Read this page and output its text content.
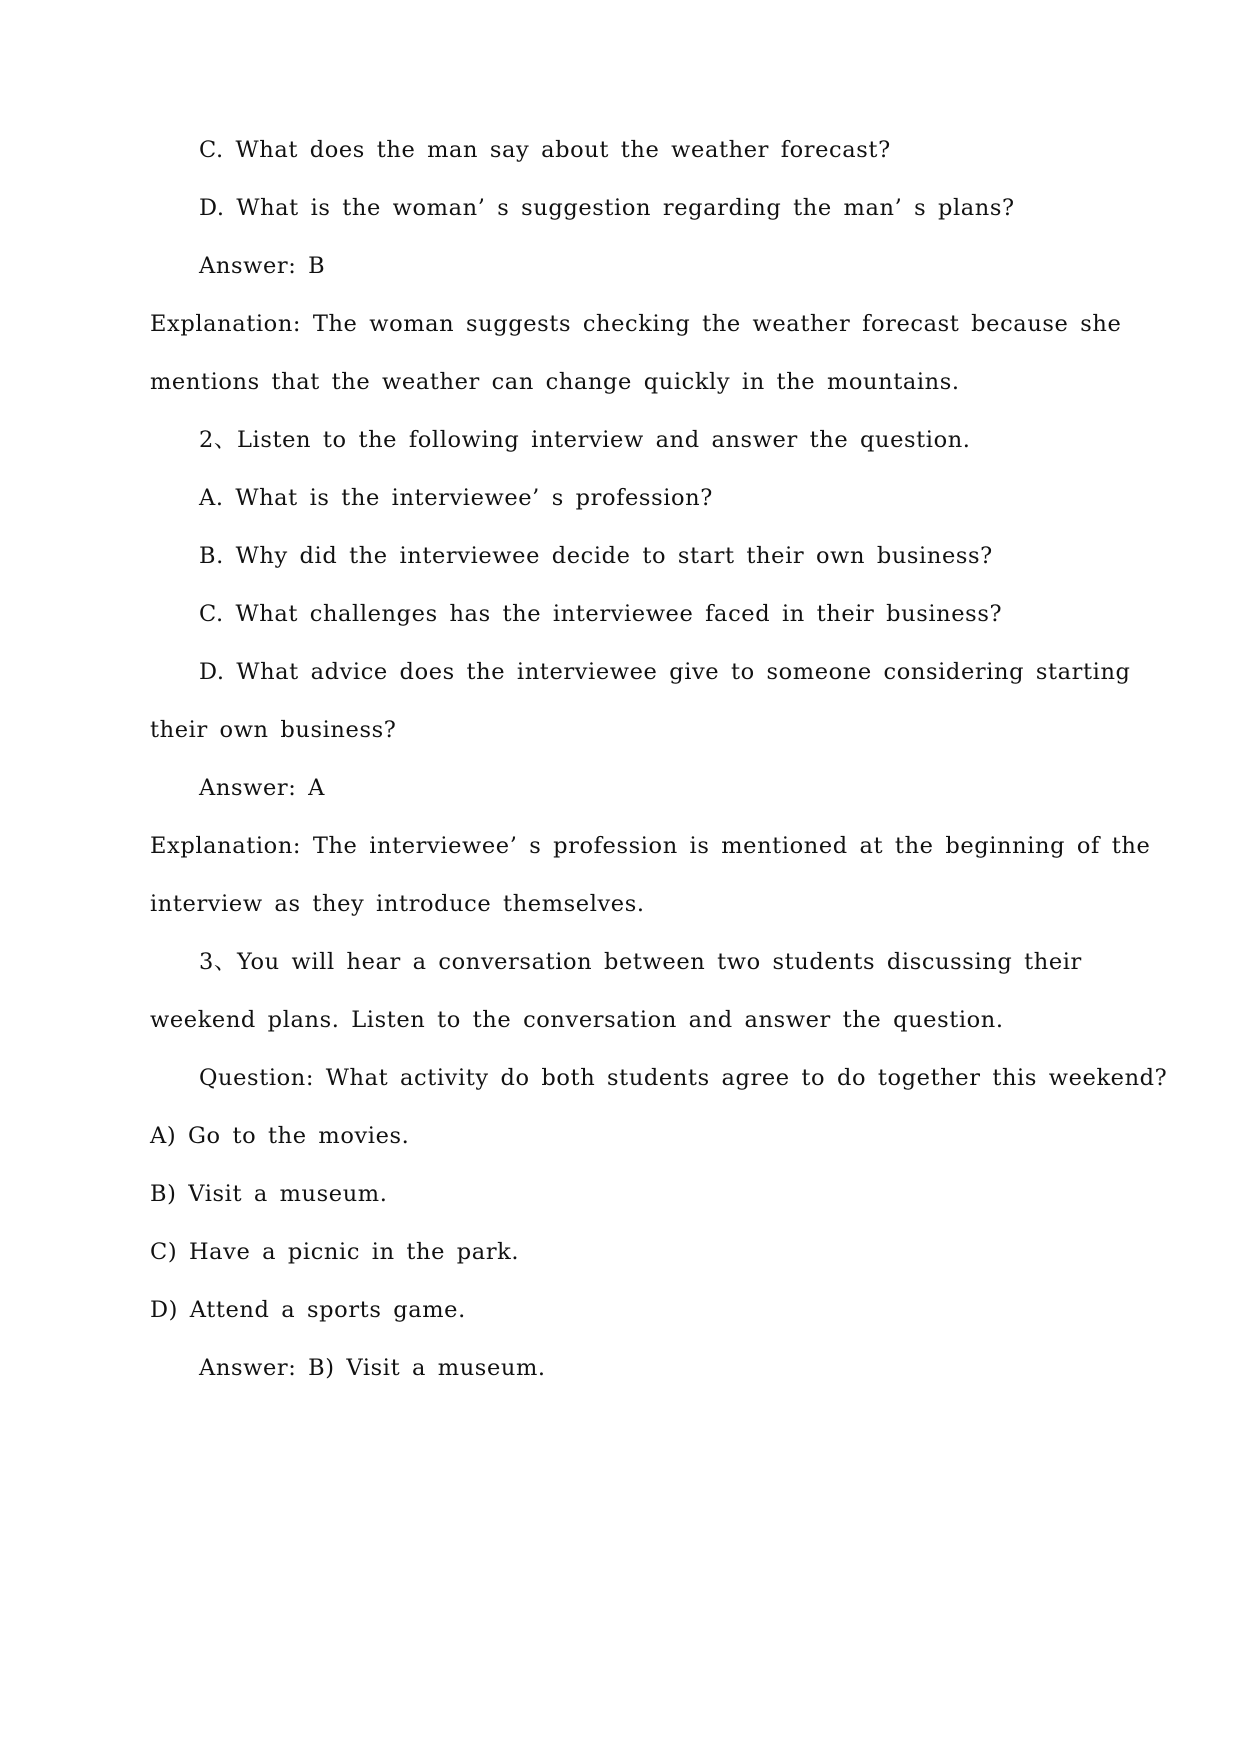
C. What does the man say about the weather forecast?
D. What is the woman’ s suggestion regarding the man’ s plans?
Answer: B
Explanation: The woman suggests checking the weather forecast because she
mentions that the weather can change quickly in the mountains.
2、Listen to the following interview and answer the question.
A. What is the interviewee’ s profession?
B. Why did the interviewee decide to start their own business?
C. What challenges has the interviewee faced in their business?
D. What advice does the interviewee give to someone considering starting
their own business?
Answer: A
Explanation: The interviewee’ s profession is mentioned at the beginning of the
interview as they introduce themselves.
3、You will hear a conversation between two students discussing their
weekend plans. Listen to the conversation and answer the question.
Question: What activity do both students agree to do together this weekend?
A) Go to the movies.
B) Visit a museum.
C) Have a picnic in the park.
D) Attend a sports game.
Answer: B) Visit a museum.
